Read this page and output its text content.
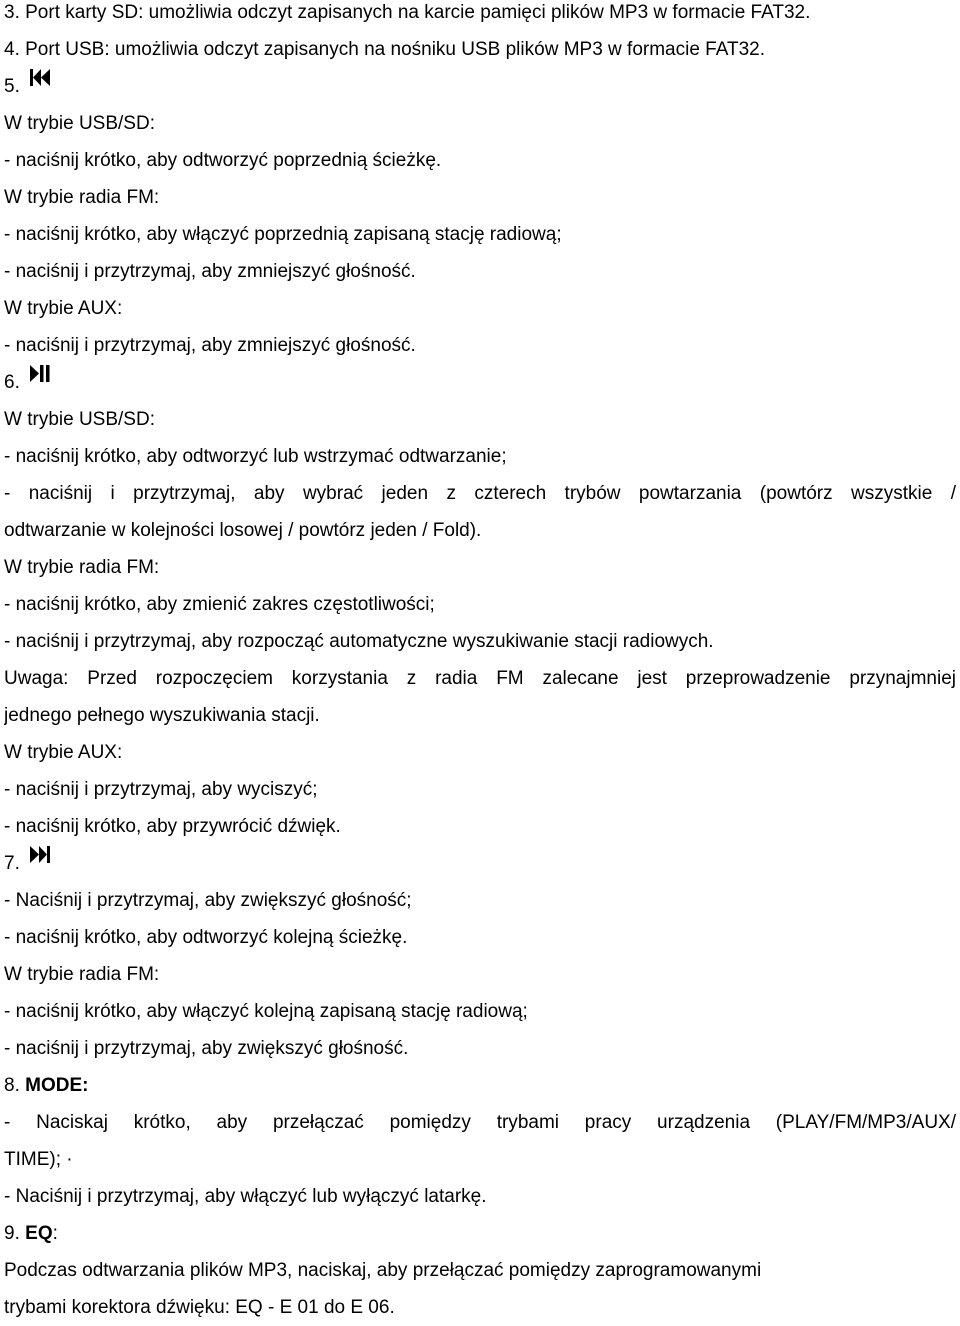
3. Port karty SD: umożliwia odczyt zapisanych na karcie pamięci plików MP3 w formacie FAT32.
4. Port USB: umożliwia odczyt zapisanych na nośniku USB plików MP3 w formacie FAT32.
5.
W trybie USB/SD:
- naciśnij krótko, aby odtworzyć poprzednią ścieżkę.
W trybie radia FM:
- naciśnij krótko, aby włączyć poprzednią zapisaną stację radiową;
- naciśnij i przytrzymaj, aby zmniejszyć głośność.
W trybie AUX:
- naciśnij i przytrzymaj, aby zmniejszyć głośność.
6.
W trybie USB/SD:
- naciśnij krótko, aby odtworzyć lub wstrzymać odtwarzanie;
- naciśnij i przytrzymaj, aby wybrać jeden z czterech trybów powtarzania (powtórz wszystkie /
odtwarzanie w kolejności losowej / powtórz jeden / Fold).
W trybie radia FM:
- naciśnij krótko, aby zmienić zakres częstotliwości;
- naciśnij i przytrzymaj, aby rozpocząć automatyczne wyszukiwanie stacji radiowych.
Uwaga: Przed rozpoczęciem korzystania z radia FM zalecane jest przeprowadzenie przynajmniej
jednego pełnego wyszukiwania stacji.
W trybie AUX:
- naciśnij i przytrzymaj, aby wyciszyć;
- naciśnij krótko, aby przywrócić dźwięk.
7.
- Naciśnij i przytrzymaj, aby zwiększyć głośność;
- naciśnij krótko, aby odtworzyć kolejną ścieżkę.
W trybie radia FM:
- naciśnij krótko, aby włączyć kolejną zapisaną stację radiową;
- naciśnij i przytrzymaj, aby zwiększyć głośność.
8. MODE:
- Naciskaj krótko, aby przełączać pomiędzy trybami pracy urządzenia (PLAY/FM/MP3/AUX/
TIME); ·
- Naciśnij i przytrzymaj, aby włączyć lub wyłączyć latarkę.
9. EQ:
Podczas odtwarzania plików MP3, naciskaj, aby przełączać pomiędzy zaprogramowanymi
trybami korektora dźwięku: EQ - E 01 do E 06.
